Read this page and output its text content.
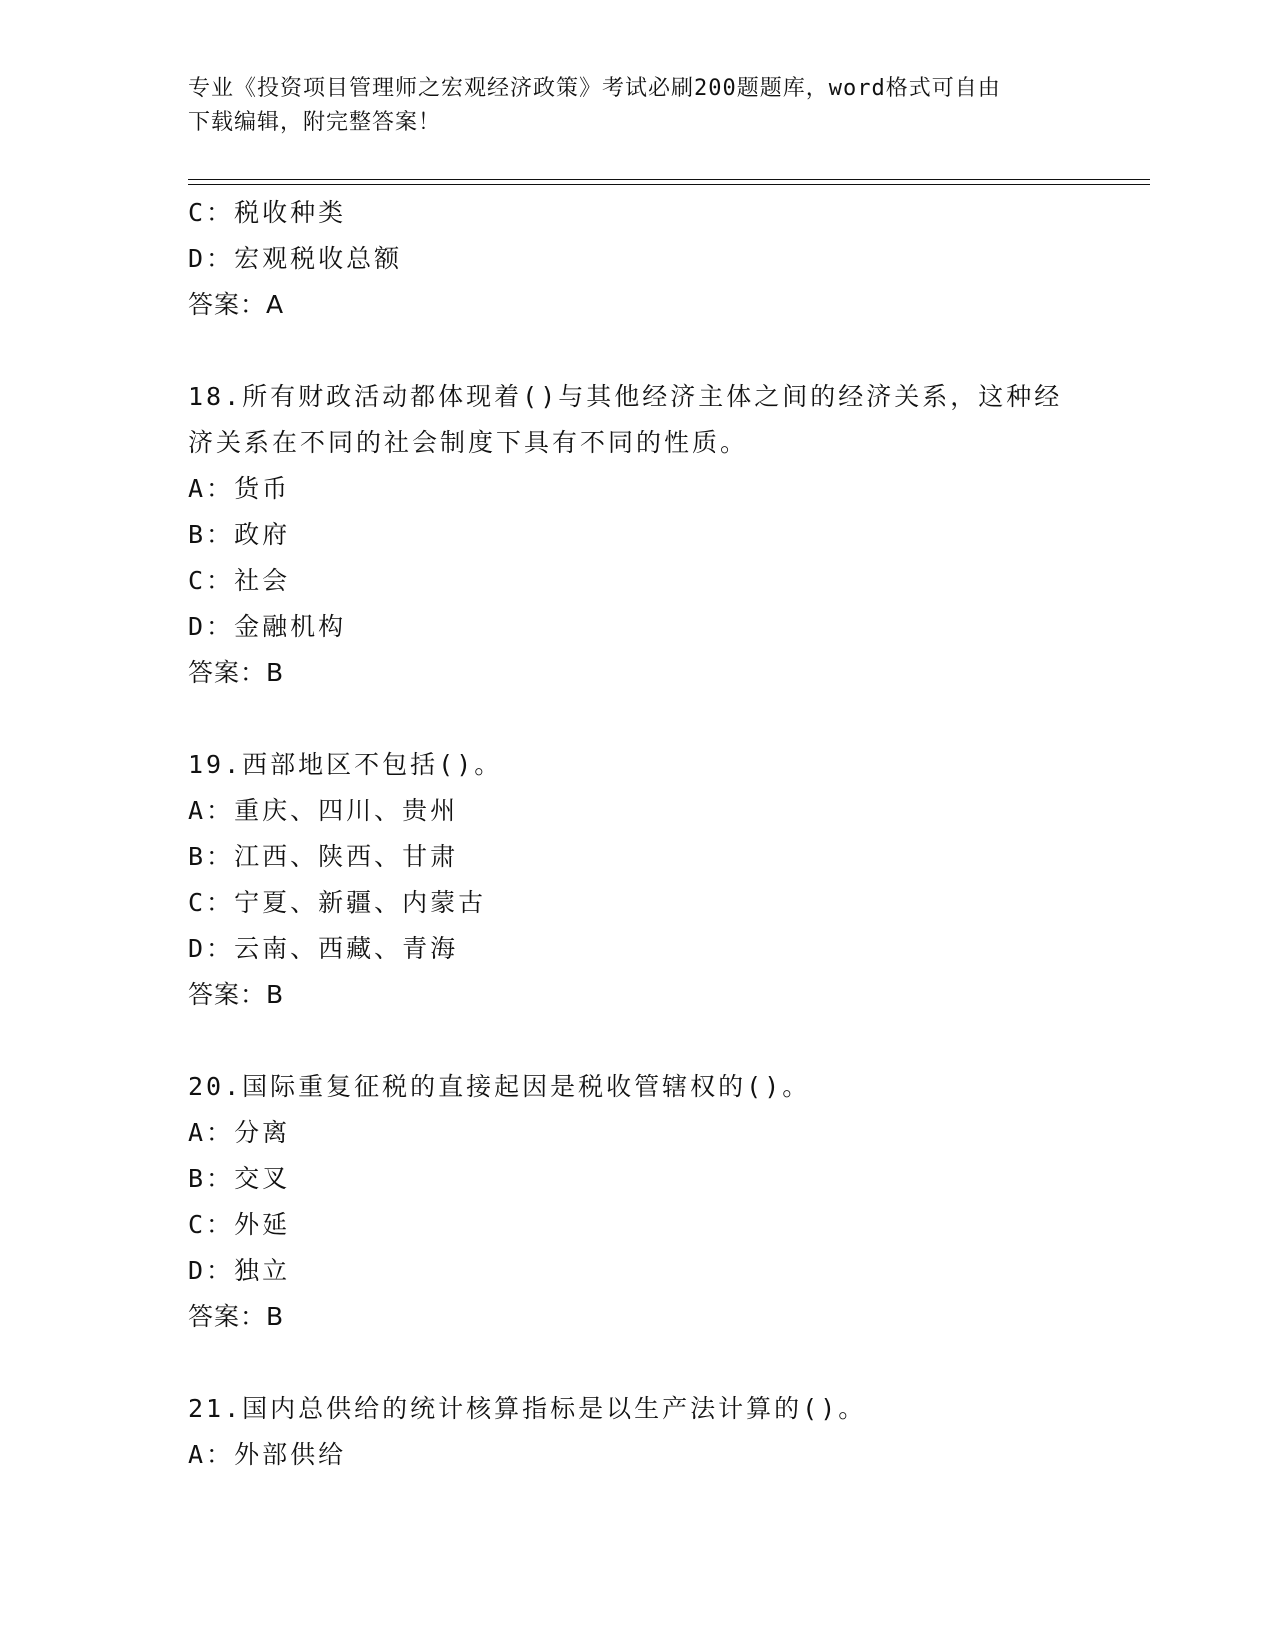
专业《投资项目管理师之宏观经济政策》考试必刷200题题库，word格式可自由
下载编辑，附完整答案！
C：税收种类
D：宏观税收总额
答案：A
18.所有财政活动都体现着()与其他经济主体之间的经济关系，这种经
济关系在不同的社会制度下具有不同的性质。
A：货币
B：政府
C：社会
D：金融机构
答案：B
19.西部地区不包括()。
A：重庆、四川、贵州
B：江西、陕西、甘肃
C：宁夏、新疆、内蒙古
D：云南、西藏、青海
答案：B
20.国际重复征税的直接起因是税收管辖权的()。
A：分离
B：交叉
C：外延
D：独立
答案：B
21.国内总供给的统计核算指标是以生产法计算的()。
A：外部供给
